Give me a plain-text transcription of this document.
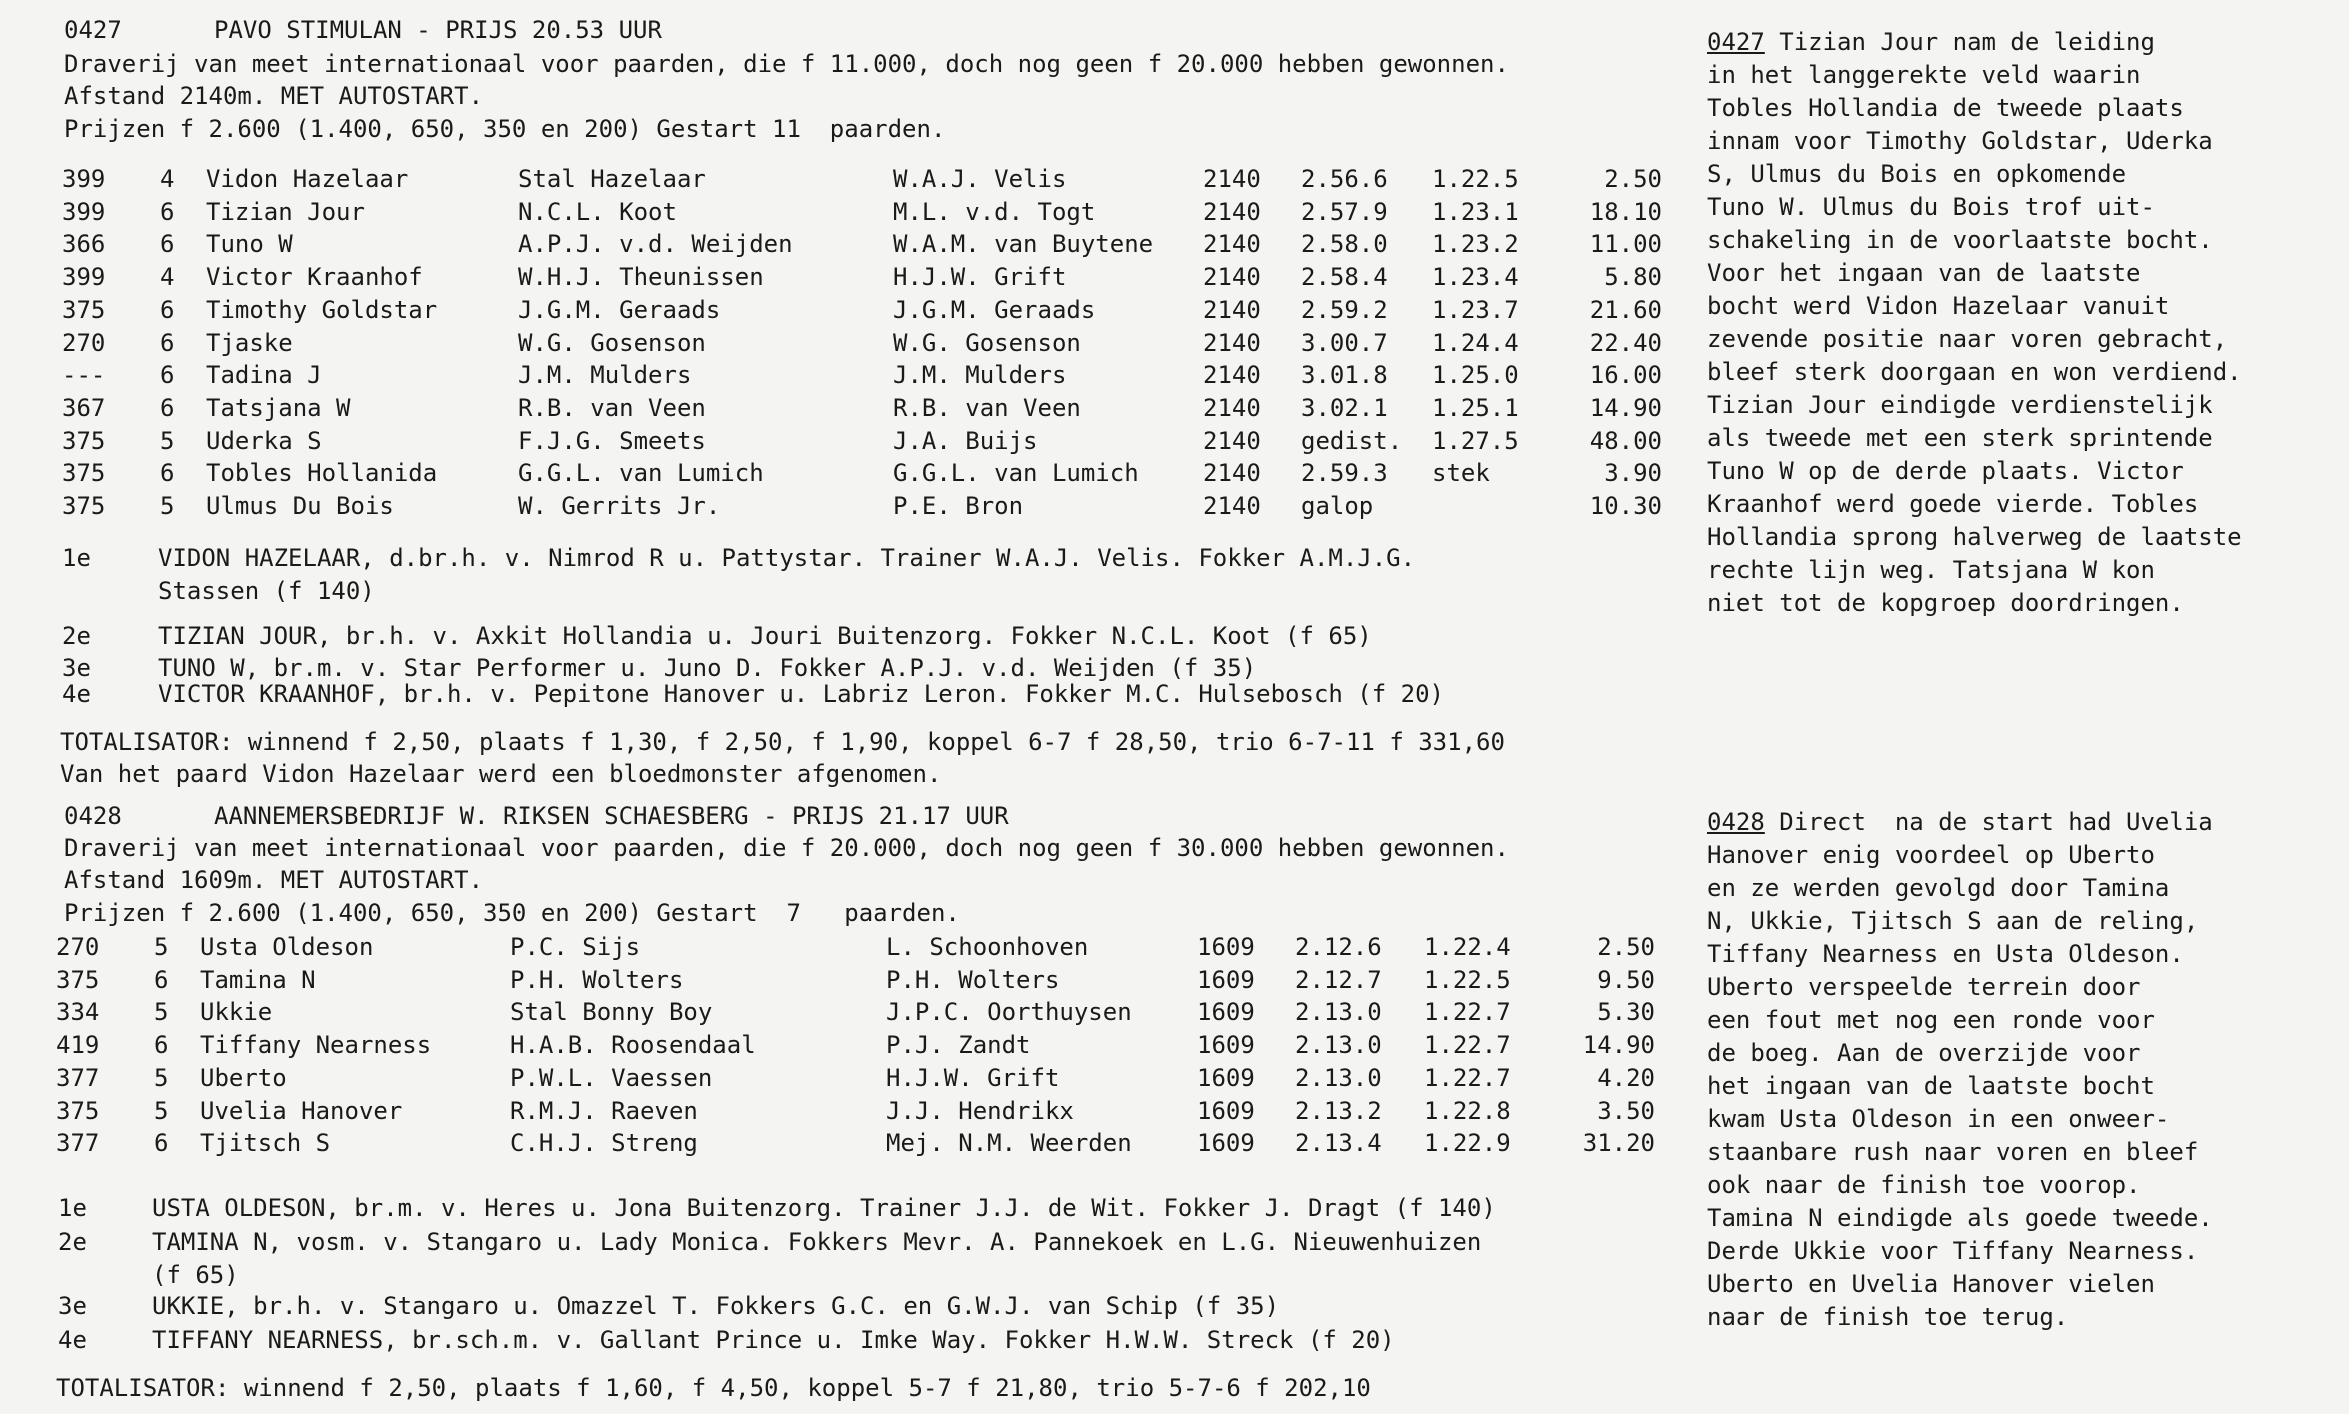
0427	PAVO STIMULAN - PRIJS 20.53 UUR
Draverij van meet internationaal voor paarden, die f 11.000, doch nog geen f 20.000 hebben gewonnen.
Afstand 2140m. MET AUTOSTART.
Prijzen f 2.600 (1.400, 650, 350 en 200) Gestart 11  paarden.
399 4 Vidon Hazelaar	Stal Hazelaar	W.A.J. Velis	2140 2.56.6 1.22.5	2.50
399 6 Tizian Jour	N.C.L. Koot	M.L. v.d. Togt	2140 2.57.9 1.23.1	18.10
366 6 Tuno W	A.P.J. v.d. Weijden	W.A.M. van Buytene 2140 2.58.0 1.23.2	11.00
399 4 Victor Kraanhof	W.H.J. Theunissen	H.J.W. Grift	2140 2.58.4 1.23.4	5.80
375 6 Timothy Goldstar	J.G.M. Geraads	J.G.M. Geraads	2140 2.59.2 1.23.7	21.60
270 6 Tjaske	W.G. Gosenson	W.G. Gosenson	2140 3.00.7 1.24.4	22.40
--- 6 Tadina J	J.M. Mulders	J.M. Mulders	2140 3.01.8 1.25.0	16.00
367 6 Tatsjana W	R.B. van Veen	R.B. van Veen	2140 3.02.1 1.25.1	14.90
375 5 Uderka S	F.J.G. Smeets	J.A. Buijs	2140 gedist. 1.27.5	48.00
375 6 Tobles Hollanida	G.G.L. van Lumich	G.G.L. van Lumich	2140 2.59.3 stek	3.90
375 5 Ulmus Du Bois	W. Gerrits Jr.	P.E. Bron	2140 galop	10.30
1e	VIDON HAZELAAR, d.br.h. v. Nimrod R u. Pattystar. Trainer W.A.J. Velis. Fokker A.M.J.G.
Stassen (f 140)
2e	TIZIAN JOUR, br.h. v. Axkit Hollandia u. Jouri Buitenzorg. Fokker N.C.L. Koot (f 65)
3e	TUNO W, br.m. v. Star Performer u. Juno D. Fokker A.P.J. v.d. Weijden (f 35)
4e	VICTOR KRAANHOF, br.h. v. Pepitone Hanover u. Labriz Leron. Fokker M.C. Hulsebosch (f 20)
TOTALISATOR: winnend f 2,50, plaats f 1,30, f 2,50, f 1,90, koppel 6-7 f 28,50, trio 6-7-11 f 331,60
Van het paard Vidon Hazelaar werd een bloedmonster afgenomen.
0427 Tizian Jour nam de leiding
in het langgerekte veld waarin
Tobles Hollandia de tweede plaats
innam voor Timothy Goldstar, Uderka
S, Ulmus du Bois en opkomende
Tuno W. Ulmus du Bois trof uit-
schakeling in de voorlaatste bocht.
Voor het ingaan van de laatste
bocht werd Vidon Hazelaar vanuit
zevende positie naar voren gebracht,
bleef sterk doorgaan en won verdiend.
Tizian Jour eindigde verdienstelijk
als tweede met een sterk sprintende
Tuno W op de derde plaats. Victor
Kraanhof werd goede vierde. Tobles
Hollandia sprong halverweg de laatste
rechte lijn weg. Tatsjana W kon
niet tot de kopgroep doordringen.
0428	AANNEMERSBEDRIJF W. RIKSEN SCHAESBERG - PRIJS 21.17 UUR
Draverij van meet internationaal voor paarden, die f 20.000, doch nog geen f 30.000 hebben gewonnen.
Afstand 1609m. MET AUTOSTART.
Prijzen f 2.600 (1.400, 650, 350 en 200) Gestart  7   paarden.
270 5 Usta Oldeson	P.C. Sijs	L. Schoonhoven	1609 2.12.6 1.22.4	2.50
375 6 Tamina N	P.H. Wolters	P.H. Wolters	1609 2.12.7 1.22.5	9.50
334 5 Ukkie	Stal Bonny Boy	J.P.C. Oorthuysen	1609 2.13.0 1.22.7	5.30
419 6 Tiffany Nearness	H.A.B. Roosendaal	P.J. Zandt	1609 2.13.0 1.22.7	14.90
377 5 Uberto	P.W.L. Vaessen	H.J.W. Grift	1609 2.13.0 1.22.7	4.20
375 5 Uvelia Hanover	R.M.J. Raeven	J.J. Hendrikx	1609 2.13.2 1.22.8	3.50
377 6 Tjitsch S	C.H.J. Streng	Mej. N.M. Weerden	1609 2.13.4 1.22.9	31.20
1e	USTA OLDESON, br.m. v. Heres u. Jona Buitenzorg. Trainer J.J. de Wit. Fokker J. Dragt (f 140)
2e	TAMINA N, vosm. v. Stangaro u. Lady Monica. Fokkers Mevr. A. Pannekoek en L.G. Nieuwenhuizen
(f 65)
3e	UKKIE, br.h. v. Stangaro u. Omazzel T. Fokkers G.C. en G.W.J. van Schip (f 35)
4e	TIFFANY NEARNESS, br.sch.m. v. Gallant Prince u. Imke Way. Fokker H.W.W. Streck (f 20)
TOTALISATOR: winnend f 2,50, plaats f 1,60, f 4,50, koppel 5-7 f 21,80, trio 5-7-6 f 202,10
0428 Direct  na de start had Uvelia
Hanover enig voordeel op Uberto
en ze werden gevolgd door Tamina
N, Ukkie, Tjitsch S aan de reling,
Tiffany Nearness en Usta Oldeson.
Uberto verspeelde terrein door
een fout met nog een ronde voor
de boeg. Aan de overzijde voor
het ingaan van de laatste bocht
kwam Usta Oldeson in een onweer-
staanbare rush naar voren en bleef
ook naar de finish toe voorop.
Tamina N eindigde als goede tweede.
Derde Ukkie voor Tiffany Nearness.
Uberto en Uvelia Hanover vielen
naar de finish toe terug.
